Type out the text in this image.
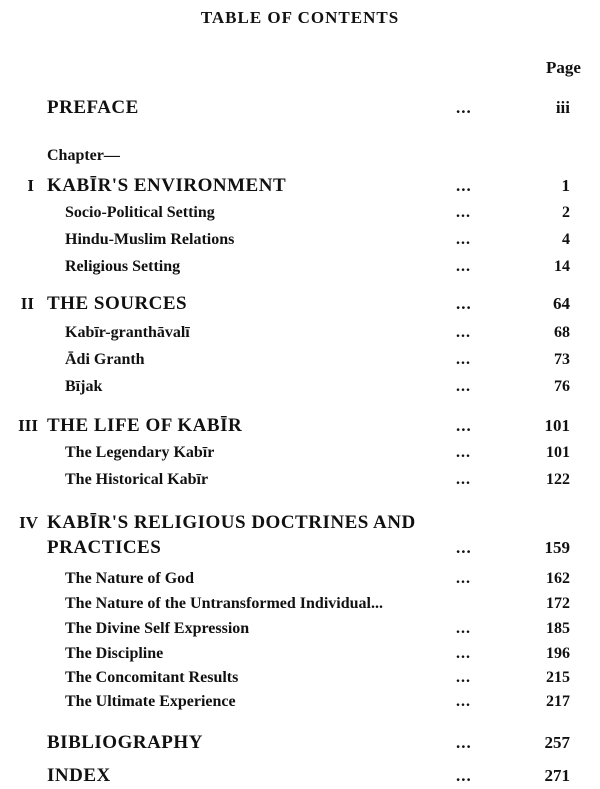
TABLE OF CONTENTS
Page
PREFACE	...	iii
Chapter—
I KABĪR'S ENVIRONMENT	...	1
Socio-Political Setting	...	2
Hindu-Muslim Relations	...	4
Religious Setting	...	14
II THE SOURCES	...	64
Kabīr-granthāvalī	...	68
Ādi Granth	...	73
Bījak	...	76
III THE LIFE OF KABĪR	...	101
The Legendary Kabīr	...	101
The Historical Kabīr	...	122
IV KABĪR'S RELIGIOUS DOCTRINES AND
PRACTICES	...	159
The Nature of God	...	162
The Nature of the Untransformed Individual...	172
The Divine Self Expression	...	185
The Discipline	...	196
The Concomitant Results	...	215
The Ultimate Experience	...	217
BIBLIOGRAPHY	...	257
INDEX	...	271
